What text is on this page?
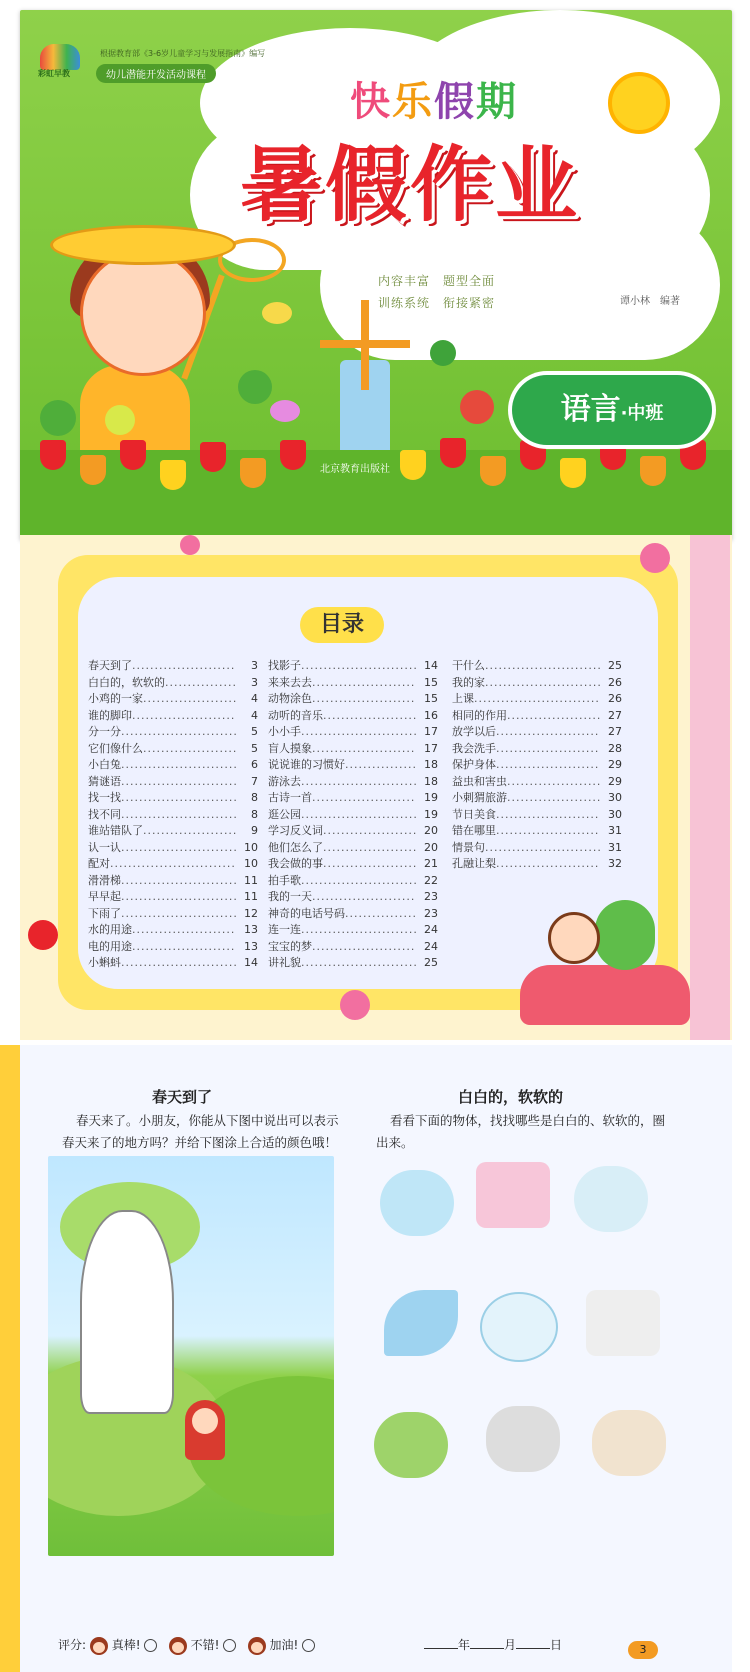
彩虹早教
根据教育部《3-6岁儿童学习与发展指南》编写
幼儿潜能开发活动课程
快乐假期
暑假作业
内容丰富　题型全面
训练系统　衔接紧密	谭小林　编著
北京教育出版社
语言·中班
目录
春天到了 .....	3
白白的，软软的 .....	3
小鸡的一家 .....	4
谁的脚印 .....	4
分一分 .....	5
它们像什么 .....	5
小白兔 .....	6
猜谜语 .....	7
找一找 .....	8
找不同 .....	8
谁站错队了 .....	9
认一认 .....	10
配对 .....	10
滑滑梯 .....	11
早早起 .....	11
下雨了 .....	12
水的用途 .....	13
电的用途 .....	13
小蝌蚪 .....	14
找影子 .....	14
来来去去 .....	15
动物涂色 .....	15
动听的音乐 .....	16
小小手 .....	17
盲人摸象 .....	17
说说谁的习惯好 .....	18
游泳去 .....	18
古诗一首 .....	19
逛公园 .....	19
学习反义词 .....	20
他们怎么了 .....	20
我会做的事 .....	21
拍手歌 .....	22
我的一天 .....	23
神奇的电话号码 .....	23
连一连 .....	24
宝宝的梦 .....	24
讲礼貌 .....	25
干什么 .....	25
我的家 .....	26
上课 .....	26
相同的作用 .....	27
放学以后 .....	27
我会洗手 .....	28
保护身体 .....	29
益虫和害虫 .....	29
小刺猬旅游 .....	30
节日美食 .....	30
错在哪里 .....	31
情景句 .....	31
孔融让梨 .....	32
春天到了
春天来了。小朋友，你能从下图中说出可以表示
春天来了的地方吗？并给下图涂上合适的颜色哦！
白白的，软软的
看看下面的物体，找找哪些是白白的、软软的，圈
出来。
评分: 真棒!	不错!	加油!	年	月	日	3
